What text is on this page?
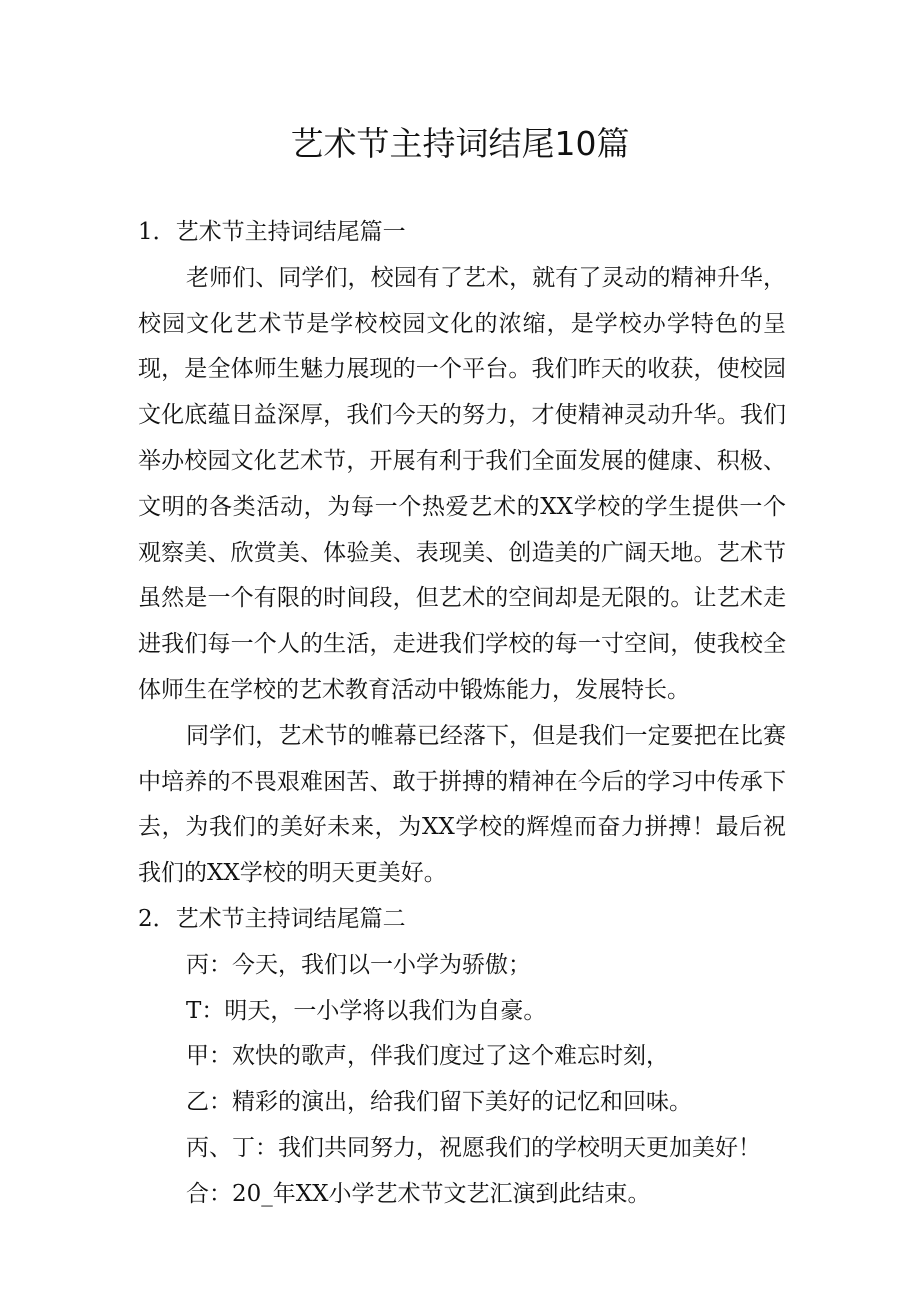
艺术节主持词结尾10篇

1．艺术节主持词结尾篇一

老师们、同学们，校园有了艺术，就有了灵动的精神升华，校园文化艺术节是学校校园文化的浓缩，是学校办学特色的呈现，是全体师生魅力展现的一个平台。我们昨天的收获，使校园文化底蕴日益深厚，我们今天的努力，才使精神灵动升华。我们举办校园文化艺术节，开展有利于我们全面发展的健康、积极、文明的各类活动，为每一个热爱艺术的XX学校的学生提供一个观察美、欣赏美、体验美、表现美、创造美的广阔天地。艺术节虽然是一个有限的时间段，但艺术的空间却是无限的。让艺术走进我们每一个人的生活，走进我们学校的每一寸空间，使我校全体师生在学校的艺术教育活动中锻炼能力，发展特长。

同学们，艺术节的帷幕已经落下，但是我们一定要把在比赛中培养的不畏艰难困苦、敢于拼搏的精神在今后的学习中传承下去，为我们的美好未来，为XX学校的辉煌而奋力拼搏！最后祝我们的XX学校的明天更美好。

2．艺术节主持词结尾篇二

丙：今天，我们以一小学为骄傲；

T：明天，一小学将以我们为自豪。

甲：欢快的歌声，伴我们度过了这个难忘时刻，

乙：精彩的演出，给我们留下美好的记忆和回味。

丙、丁：我们共同努力，祝愿我们的学校明天更加美好！

合：20_年XX小学艺术节文艺汇演到此结束。
